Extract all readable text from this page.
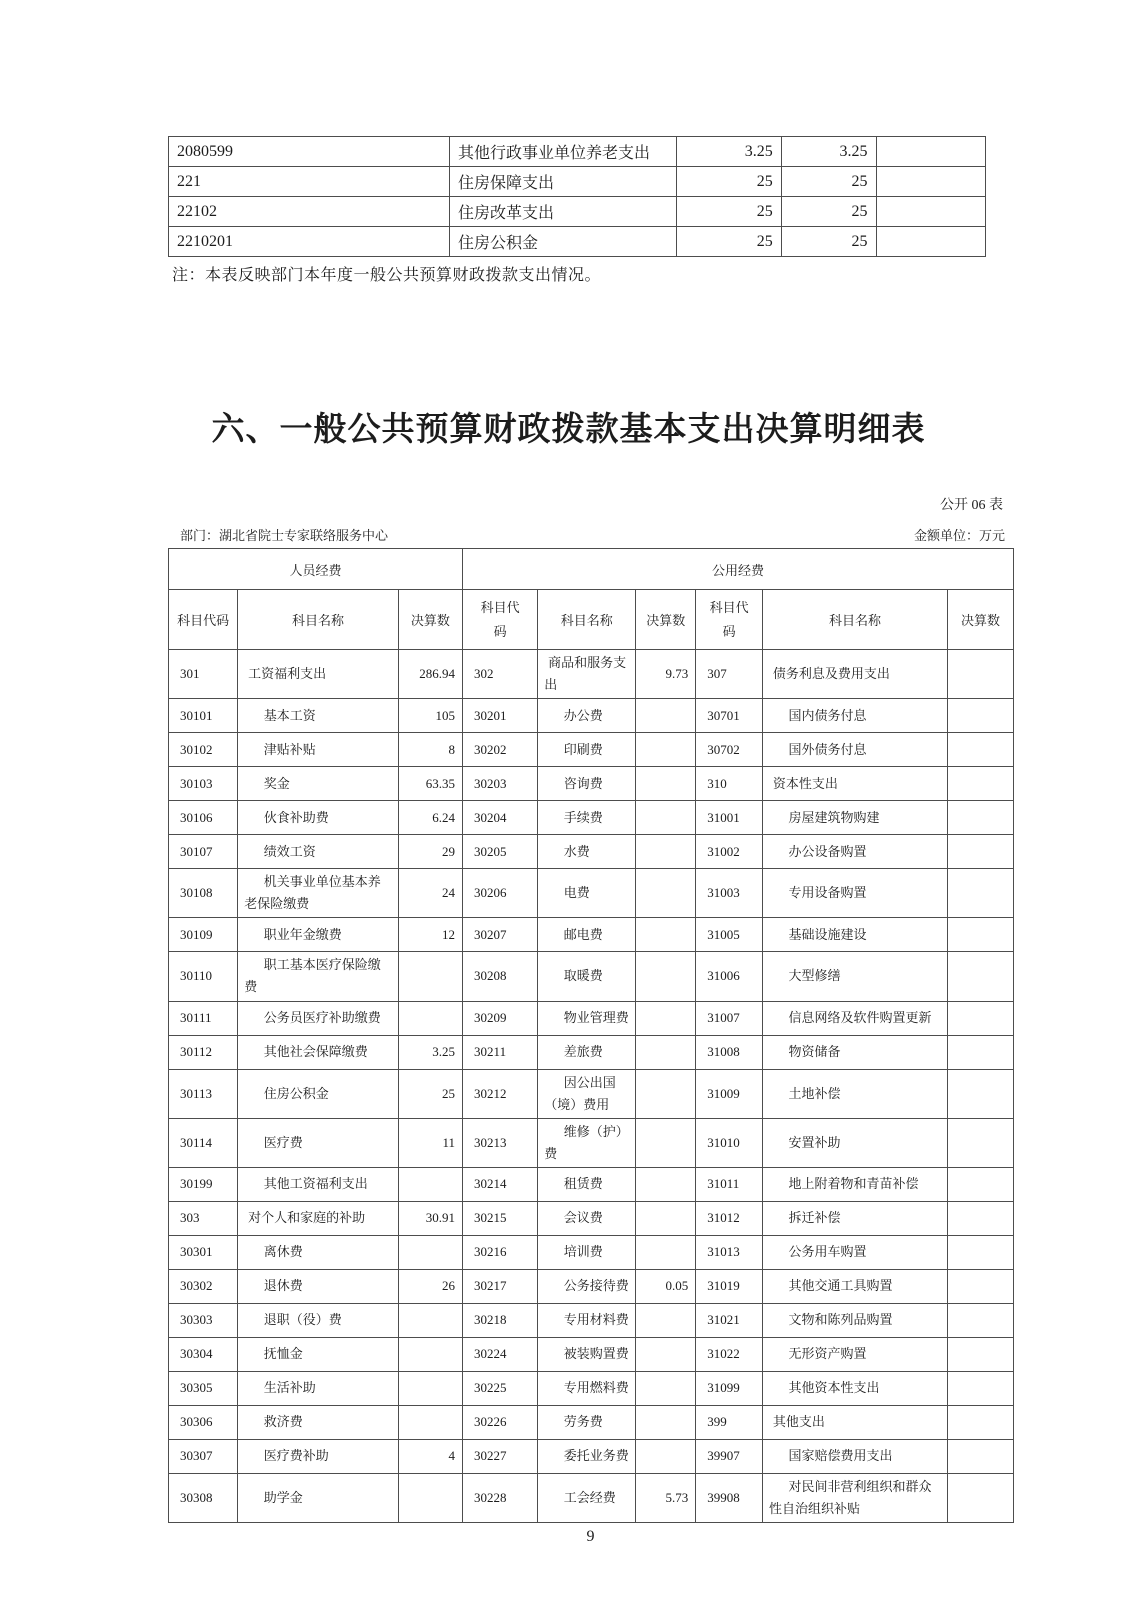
2080599	其他行政事业单位养老支出	3.25	3.25	
221	住房保障支出	25	25	
22102	住房改革支出	25	25	
2210201	住房公积金	25	25	
注：本表反映部门本年度一般公共预算财政拨款支出情况。
六、一般公共预算财政拨款基本支出决算明细表
公开 06 表
部门：湖北省院士专家联络服务中心	金额单位：万元
人员经费			公用经费					
科目代码	科目名称	决算数	科目代码	科目名称	决算数	科目代码	科目名称	决算数
301	工资福利支出	286.94	302	商品和服务支出	9.73	307	债务利息及费用支出	

30101	基本工资	105	30201	办公费		30701	国内债务付息	

30102	津贴补贴	8	30202	印刷费		30702	国外债务付息	

30103	奖金	63.35	30203	咨询费		310	资本性支出	

30106	伙食补助费	6.24	30204	手续费		31001	房屋建筑物购建	

30107	绩效工资	29	30205	水费		31002	办公设备购置	

30108	机关事业单位基本养老保险缴费	24	30206	电费		31003	专用设备购置	

30109	职业年金缴费	12	30207	邮电费		31005	基础设施建设	

30110	职工基本医疗保险缴费		30208	取暖费		31006	大型修缮	

30111	公务员医疗补助缴费		30209	物业管理费		31007	信息网络及软件购置更新	

30112	其他社会保障缴费	3.25	30211	差旅费		31008	物资储备	

30113	住房公积金	25	30212	因公出国（境）费用		31009	土地补偿	

30114	医疗费	11	30213	维修（护）费		31010	安置补助	

30199	其他工资福利支出		30214	租赁费		31011	地上附着物和青苗补偿	

303	对个人和家庭的补助	30.91	30215	会议费		31012	拆迁补偿	

30301	离休费		30216	培训费		31013	公务用车购置	

30302	退休费	26	30217	公务接待费	0.05	31019	其他交通工具购置	

30303	退职（役）费		30218	专用材料费		31021	文物和陈列品购置	

30304	抚恤金		30224	被装购置费		31022	无形资产购置	

30305	生活补助		30225	专用燃料费		31099	其他资本性支出	

30306	救济费		30226	劳务费		399	其他支出	

30307	医疗费补助	4	30227	委托业务费		39907	国家赔偿费用支出	

30308	助学金		30228	工会经费	5.73	39908	对民间非营利组织和群众性自治组织补贴	

9
